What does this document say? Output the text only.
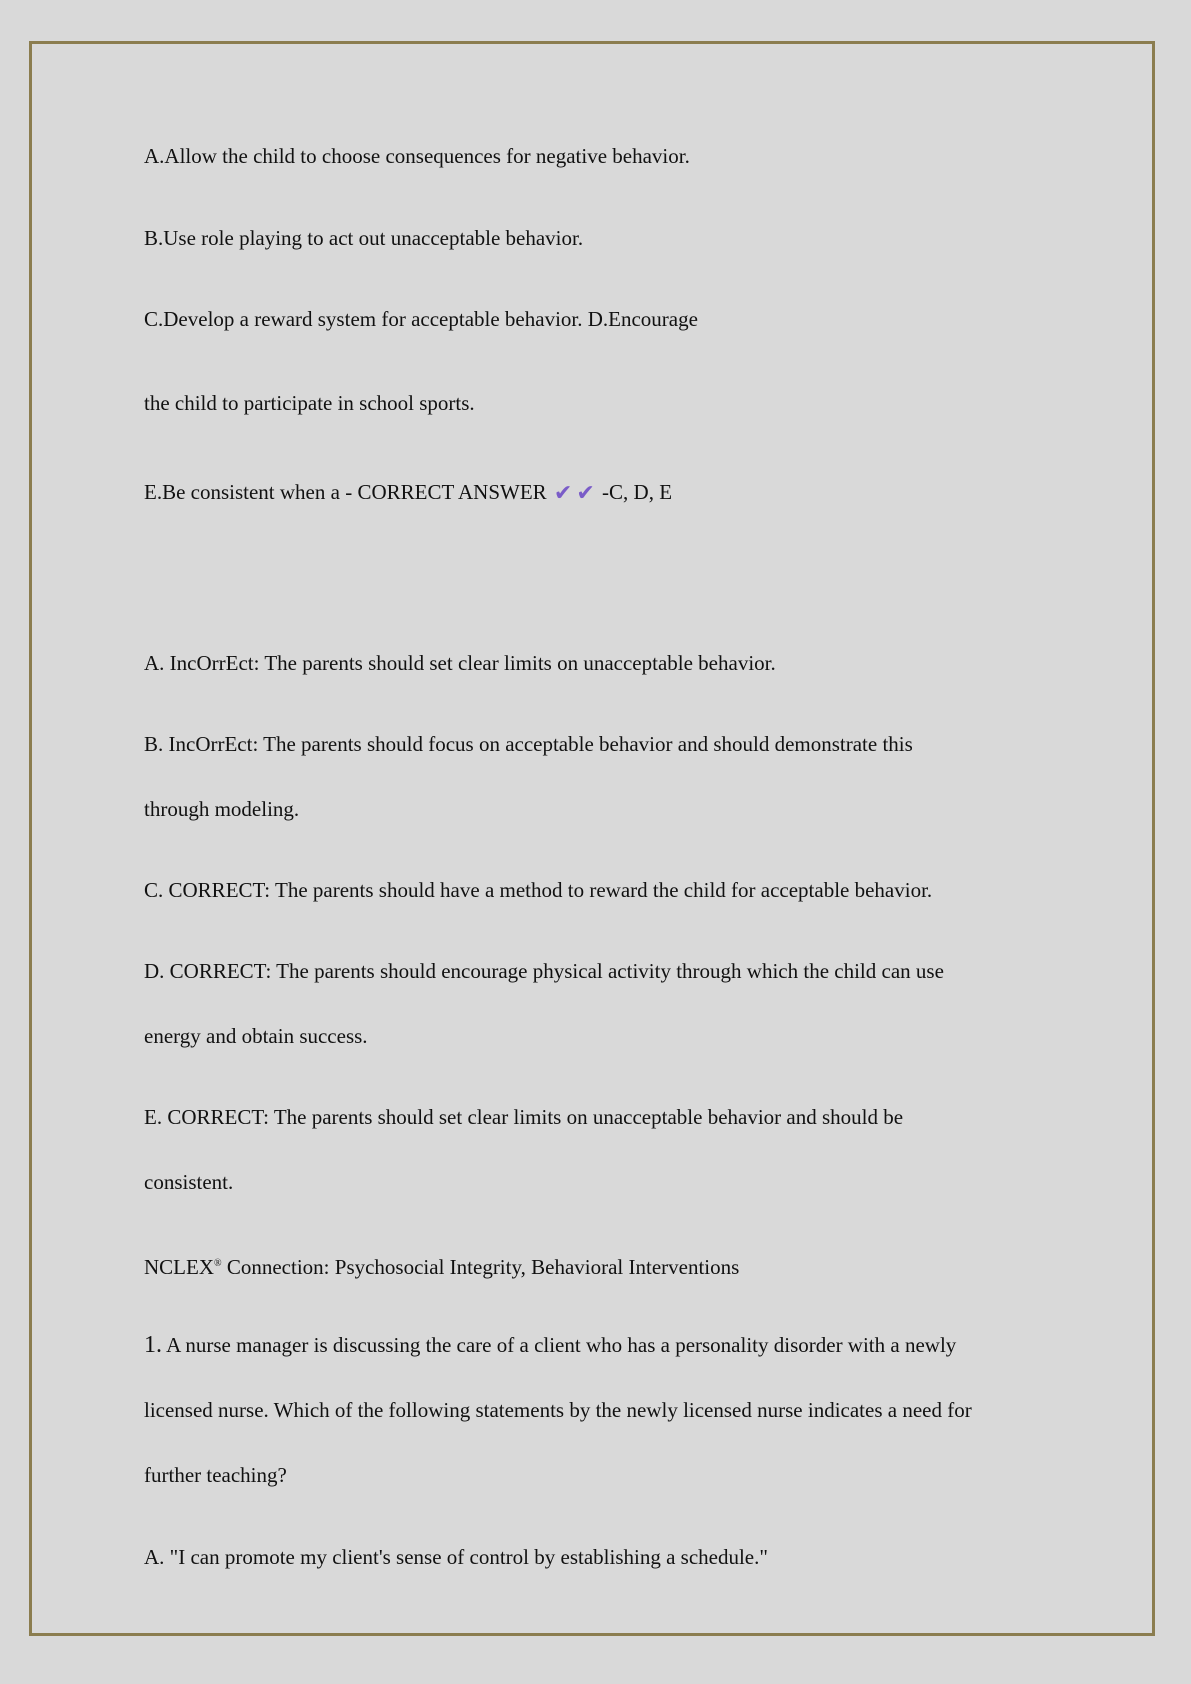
A.Allow the child to choose consequences for negative behavior.
B.Use role playing to act out unacceptable behavior.
C.Develop a reward system for acceptable behavior. D.Encourage
the child to participate in school sports.
E.Be consistent when a - CORRECT ANSWER ✔ ✔ -C, D, E
A. IncOrrEct: The parents should set clear limits on unacceptable behavior.
B. IncOrrEct: The parents should focus on acceptable behavior and should demonstrate this
through modeling.
C. CORRECT: The parents should have a method to reward the child for acceptable behavior.
D. CORRECT: The parents should encourage physical activity through which the child can use
energy and obtain success.
E. CORRECT: The parents should set clear limits on unacceptable behavior and should be
consistent.
NCLEX® Connection: Psychosocial Integrity, Behavioral Interventions
1. A nurse manager is discussing the care of a client who has a personality disorder with a newly
licensed nurse. Which of the following statements by the newly licensed nurse indicates a need for
further teaching?
A. "I can promote my client's sense of control by establishing a schedule."
